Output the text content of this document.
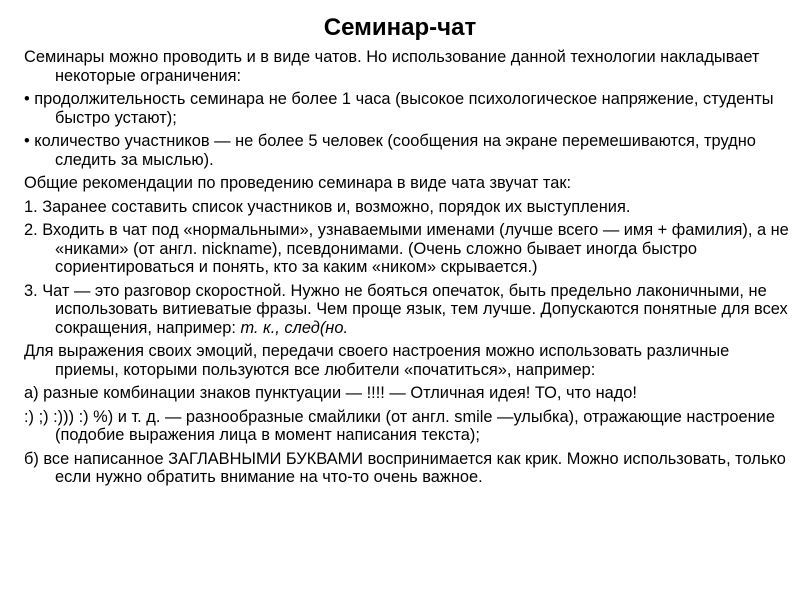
Семинар-чат

Семинары можно проводить и в виде чатов. Но использование данной технологии накладывает некоторые ограничения:

• продолжительность семинара не более 1 часа (высокое психологическое напряжение, студенты быстро устают);

• количество участников — не более 5 человек (сообщения на экране перемешиваются, трудно следить за мыслью).

Общие рекомендации по проведению семинара в виде чата звучат так:

1. Заранее составить список участников и, возможно, порядок их выступления.

2. Входить в чат под «нормальными», узнаваемыми именами (лучше всего — имя + фамилия), а не «никами» (от англ. nickname), псевдонимами. (Очень сложно бывает иногда быстро сориентироваться и понять, кто за каким «ником» скрывается.)

3. Чат — это разговор скоростной. Нужно не бояться опечаток, быть предельно лаконичными, не использовать витиеватые фразы. Чем проще язык, тем лучше. Допускаются понятные для всех сокращения, например: т. к., след(но.

Для выражения своих эмоций, передачи своего настроения можно использовать различные приемы, которыми пользуются все любители «початиться», например:

а) разные комбинации знаков пунктуации — !!!! — Отличная идея! ТО, что надо!

:) ;) :))) :) %) и т. д. — разнообразные смайлики (от англ. smile —улыбка), отражающие настроение (подобие выражения лица в момент написания текста);

б) все написанное ЗАГЛАВНЫМИ БУКВАМИ воспринимается как крик. Можно использовать, только если нужно обратить внимание на что-то очень важное.
